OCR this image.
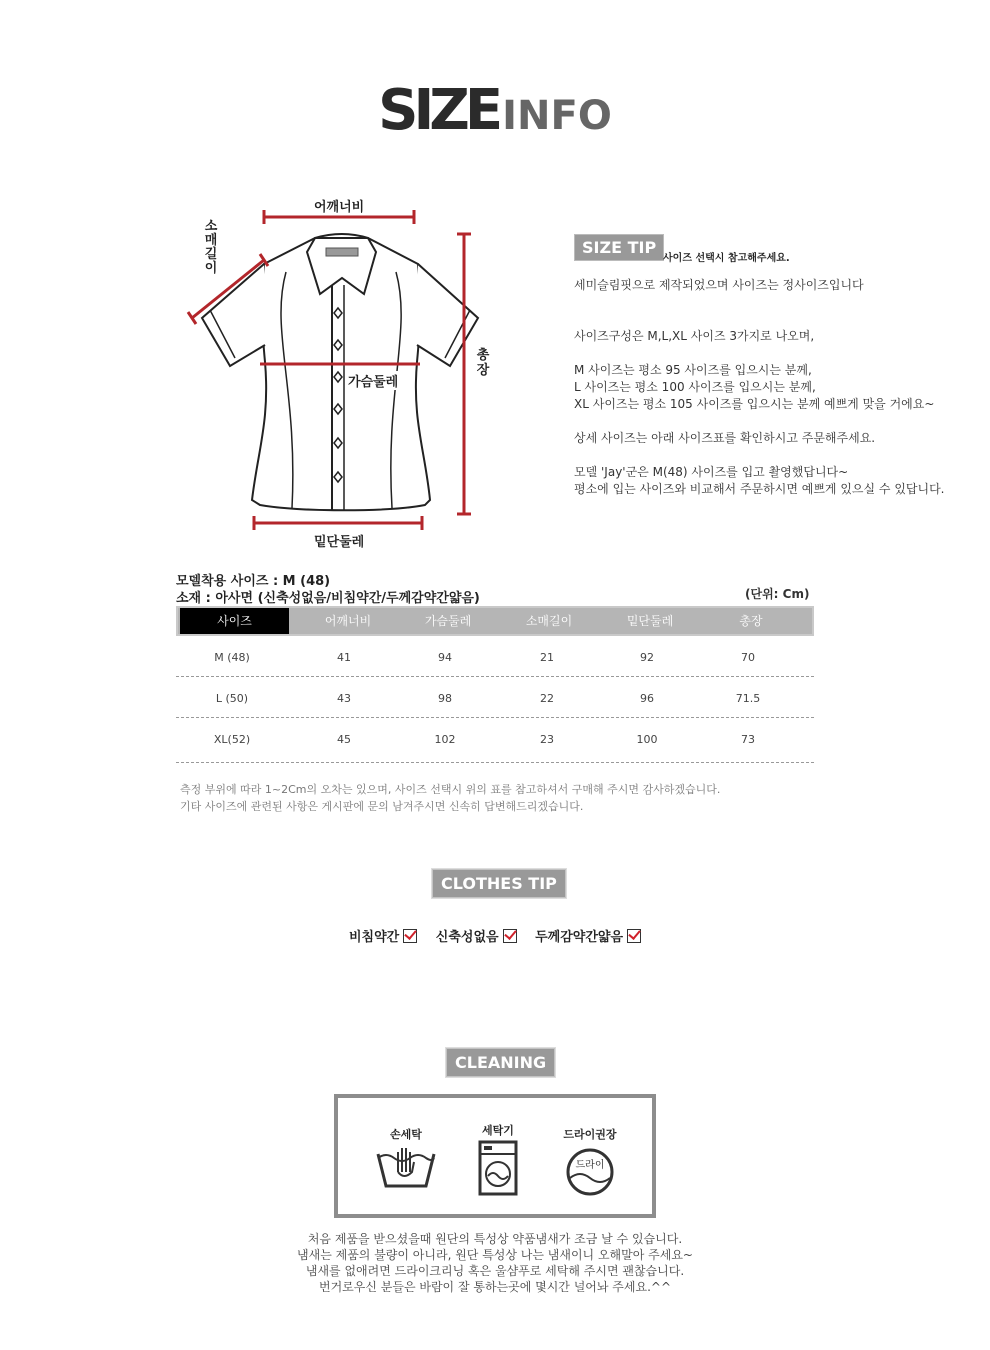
SIZE INFO
어깨너비
소
매
길
이
가슴둘레
총
장
밑단둘레
SIZE TIP
사이즈 선택시 참고해주세요.
세미슬림핏으로 제작되었으며 사이즈는 정사이즈입니다
사이즈구성은 M,L,XL 사이즈 3가지로 나오며,
M 사이즈는 평소 95 사이즈를 입으시는 분께,
L 사이즈는 평소 100 사이즈를 입으시는 분께,
XL 사이즈는 평소 105 사이즈를 입으시는 분께 예쁘게 맞을 거에요~
상세 사이즈는 아래 사이즈표를 확인하시고 주문해주세요.
모델 'Jay'군은 M(48) 사이즈를 입고 촬영했답니다~
평소에 입는 사이즈와 비교해서 주문하시면 예쁘게 있으실 수 있답니다.
모델착용 사이즈 : M (48)
소재 : 아사면 (신축성없음/비침약간/두께감약간얇음)	(단위: Cm)
사이즈	어깨너비	가슴둘레	소매길이	밑단둘레	총장
M (48)	41	94	21	92	70
L (50)	43	98	22	96	71.5
XL(52)	45	102	23	100	73
측정 부위에 따라 1~2Cm의 오차는 있으며, 사이즈 선택시 위의 표를 참고하셔서 구매해 주시면 감사하겠습니다.
기타 사이즈에 관련된 사항은 게시판에 문의 남겨주시면 신속히 답변해드리겠습니다.
CLOTHES TIP
비침약간	신축성없음	두께감약간얇음
CLEANING
손세탁	세탁기	드라이권장
드라이
처음 제품을 받으셨을때 원단의 특성상 약품냄새가 조금 날 수 있습니다.
냄새는 제품의 불량이 아니라, 원단 특성상 나는 냄새이니 오해말아 주세요~
냄새를 없애려면 드라이크리닝 혹은 울샴푸로 세탁해 주시면 괜찮습니다.
번거로우신 분들은 바람이 잘 통하는곳에 몇시간 널어놔 주세요.^^
